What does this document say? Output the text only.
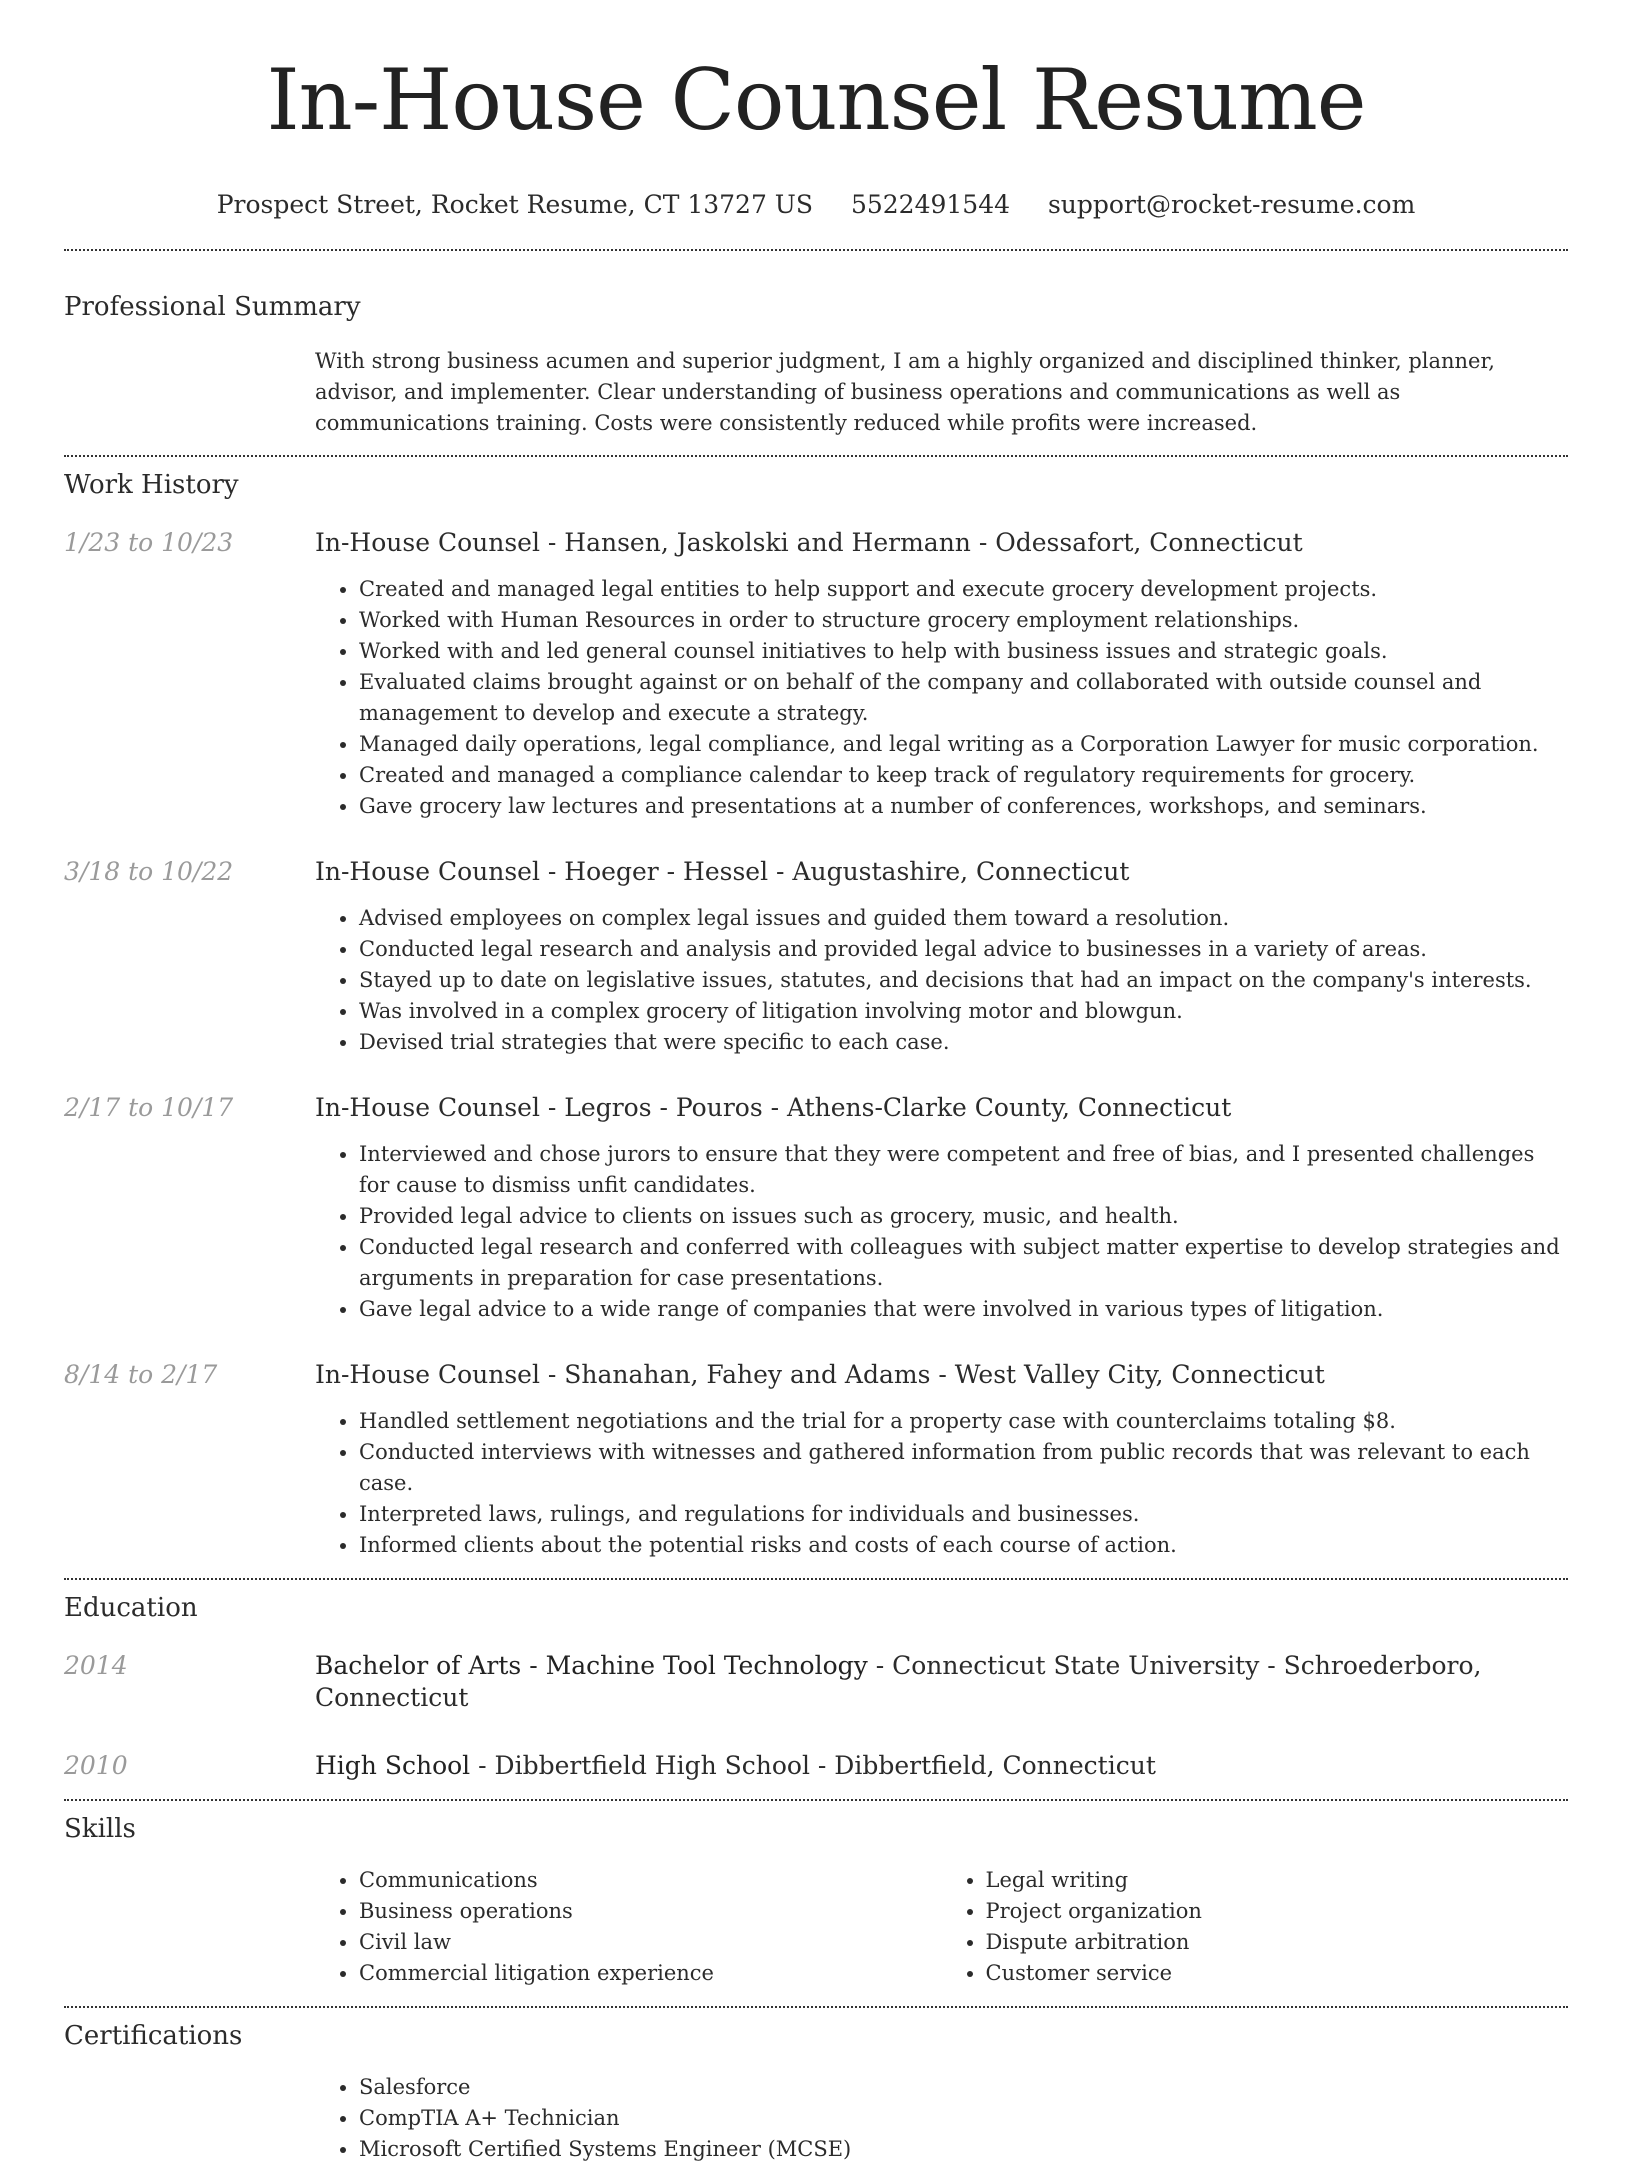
In-House Counsel Resume
Prospect Street, Rocket Resume, CT 13727 US 5522491544 support@rocket-resume.com
Professional Summary
With strong business acumen and superior judgment, I am a highly organized and disciplined thinker, planner, advisor, and implementer. Clear understanding of business operations and communications as well as communications training. Costs were consistently reduced while profits were increased.
Work History
1/23 to 10/23	In-House Counsel - Hansen, Jaskolski and Hermann - Odessafort, Connecticut
• Created and managed legal entities to help support and execute grocery development projects.
• Worked with Human Resources in order to structure grocery employment relationships.
• Worked with and led general counsel initiatives to help with business issues and strategic goals.
• Evaluated claims brought against or on behalf of the company and collaborated with outside counsel and management to develop and execute a strategy.
• Managed daily operations, legal compliance, and legal writing as a Corporation Lawyer for music corporation.
• Created and managed a compliance calendar to keep track of regulatory requirements for grocery.
• Gave grocery law lectures and presentations at a number of conferences, workshops, and seminars.
3/18 to 10/22	In-House Counsel - Hoeger - Hessel - Augustashire, Connecticut
• Advised employees on complex legal issues and guided them toward a resolution.
• Conducted legal research and analysis and provided legal advice to businesses in a variety of areas.
• Stayed up to date on legislative issues, statutes, and decisions that had an impact on the company's interests.
• Was involved in a complex grocery of litigation involving motor and blowgun.
• Devised trial strategies that were specific to each case.
2/17 to 10/17	In-House Counsel - Legros - Pouros - Athens-Clarke County, Connecticut
• Interviewed and chose jurors to ensure that they were competent and free of bias, and I presented challenges for cause to dismiss unfit candidates.
• Provided legal advice to clients on issues such as grocery, music, and health.
• Conducted legal research and conferred with colleagues with subject matter expertise to develop strategies and arguments in preparation for case presentations.
• Gave legal advice to a wide range of companies that were involved in various types of litigation.
8/14 to 2/17	In-House Counsel - Shanahan, Fahey and Adams - West Valley City, Connecticut
• Handled settlement negotiations and the trial for a property case with counterclaims totaling $8.
• Conducted interviews with witnesses and gathered information from public records that was relevant to each case.
• Interpreted laws, rulings, and regulations for individuals and businesses.
• Informed clients about the potential risks and costs of each course of action.
Education
2014	Bachelor of Arts - Machine Tool Technology - Connecticut State University - Schroederboro, Connecticut
2010	High School - Dibbertfield High School - Dibbertfield, Connecticut
Skills
• Communications
• Business operations
• Civil law
• Commercial litigation experience
• Legal writing
• Project organization
• Dispute arbitration
• Customer service
Certifications
• Salesforce
• CompTIA A+ Technician
• Microsoft Certified Systems Engineer (MCSE)
